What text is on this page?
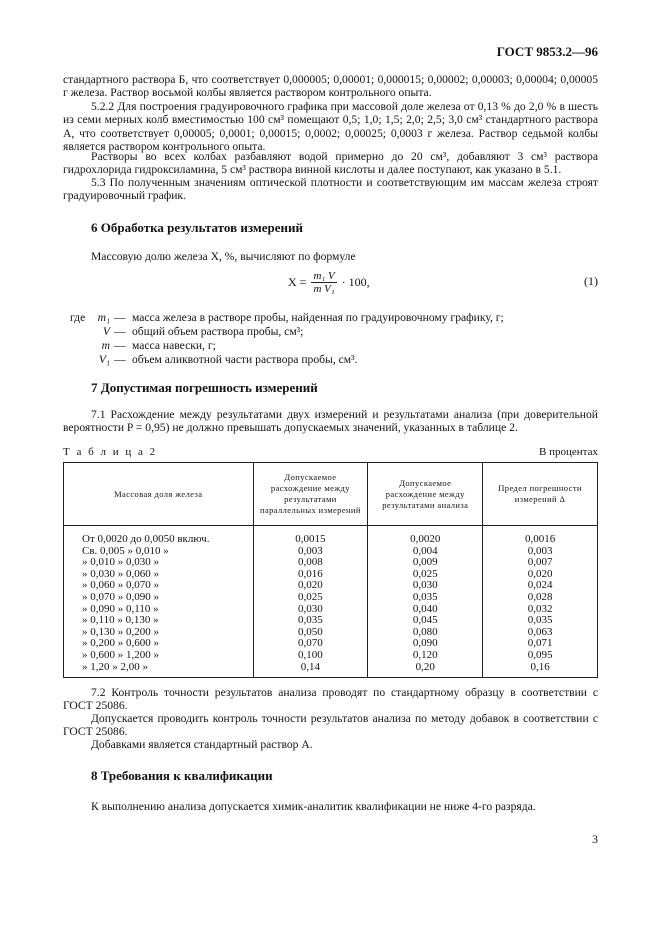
ГОСТ 9853.2—96
стандартного раствора Б, что соответствует 0,000005; 0,00001; 0,000015; 0,00002; 0,00003; 0,00004; 0,00005 г железа. Раствор восьмой колбы является раствором контрольного опыта.
5.2.2 Для построения градуировочного графика при массовой доле железа от 0,13 % до 2,0 % в шесть из семи мерных колб вместимостью 100 см³ помещают 0,5; 1,0; 1,5; 2,0; 2,5; 3,0 см³ стандартного раствора А, что соответствует 0,00005; 0,0001; 0,00015; 0,0002; 0,00025; 0,0003 г железа. Раствор седьмой колбы является раствором контрольного опыта.
Растворы во всех колбах разбавляют водой примерно до 20 см³, добавляют 3 см³ раствора гидрохлорида гидроксиламина, 5 см³ раствора винной кислоты и далее поступают, как указано в 5.1.
5.3 По полученным значениям оптической плотности и соответствующим им массам железа строят градуировочный график.
6 Обработка результатов измерений
Массовую долю железа X, %, вычисляют по формуле
$X = \frac{\text{m₁ V}}{\text{m V₁}} \cdot 100$,	(1)
где	m₁ — масса железа в растворе пробы, найденная по градуировочному графику, г;
V — общий объем раствора пробы, см³;
m — масса навески, г;
V₁ — объем аликвотной части раствора пробы, см³.
7 Допустимая погрешность измерений
7.1 Расхождение между результатами двух измерений и результатами анализа (при доверительной вероятности P = 0,95) не должно превышать допускаемых значений, указанных в таблице 2.
Т а б л и ц а 2	В процентах
Массовая доля железа	Допускаемое расхождение между результатами параллельных измерений	Допускаемое расхождение между результатами анализа	Предел погрешности измерений Δ
От 0,0020 до 0,0050 включ.	0,0015	0,0020	0,0016
Св. 0,005 » 0,010 »	0,003	0,004	0,003
» 0,010 » 0,030 »	0,008	0,009	0,007
» 0,030 » 0,060 »	0,016	0,025	0,020
» 0,060 » 0,070 »	0,020	0,030	0,024
» 0,070 » 0,090 »	0,025	0,035	0,028
» 0,090 » 0,110 »	0,030	0,040	0,032
» 0,110 » 0,130 »	0,035	0,045	0,035
» 0,130 » 0,200 »	0,050	0,080	0,063
» 0,200 » 0,600 »	0,070	0,090	0,071
» 0,600 » 1,200 »	0,100	0,120	0,095
» 1,20 » 2,00 »	0,14	0,20	0,16
7.2 Контроль точности результатов анализа проводят по стандартному образцу в соответствии с ГОСТ 25086.
Допускается проводить контроль точности результатов анализа по методу добавок в соответствии с ГОСТ 25086.
Добавками является стандартный раствор А.
8 Требования к квалификации
К выполнению анализа допускается химик-аналитик квалификации не ниже 4-го разряда.
3
